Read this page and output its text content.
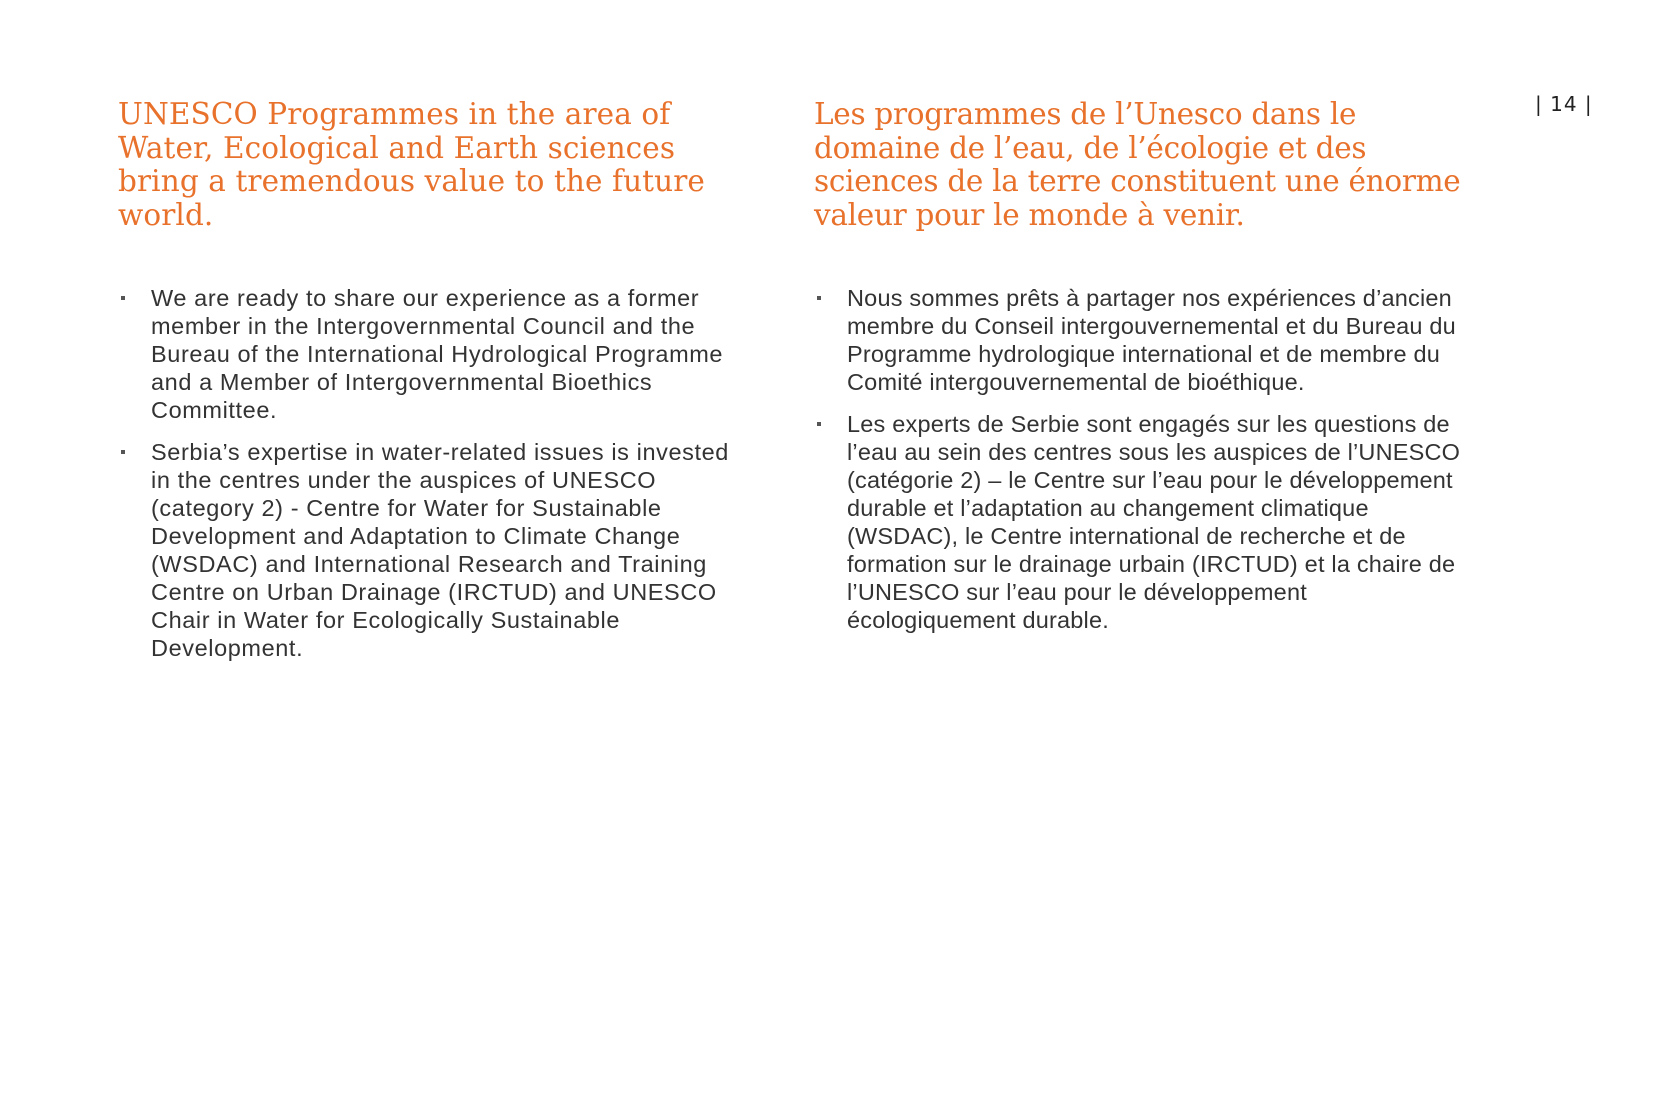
| 14 |
UNESCO Programmes in the area of Water, Ecological and Earth sciences bring a tremendous value to the future world.
We are ready to share our experience as a former member in the Intergovernmental Council and the Bureau of the International Hydrological Programme and a Member of Intergovernmental Bioethics Committee.
Serbia’s expertise in water-related issues is invested in the centres under the auspices of UNESCO (category 2) - Centre for Water for Sustainable Development and Adaptation to Climate Change (WSDAC) and International Research and Training Centre on Urban Drainage (IRCTUD) and UNESCO Chair in Water for Ecologically Sustainable Development.
Les programmes de l’Unesco dans le domaine de l’eau, de l’écologie et des sciences de la terre constituent une énorme valeur pour le monde à venir.
Nous sommes prêts à partager nos expériences d’ancien membre du Conseil intergouvernemental et du Bureau du Programme hydrologique international et de membre du Comité intergouvernemental de bioéthique.
Les experts de Serbie sont engagés sur les questions de l’eau au sein des centres sous les auspices de l’UNESCO (catégorie 2) – le Centre sur l’eau pour le développement durable et l’adaptation au changement climatique (WSDAC), le Centre international de recherche et de formation sur le drainage urbain (IRCTUD) et la chaire de l’UNESCO sur l’eau pour le développement écologiquement durable.
